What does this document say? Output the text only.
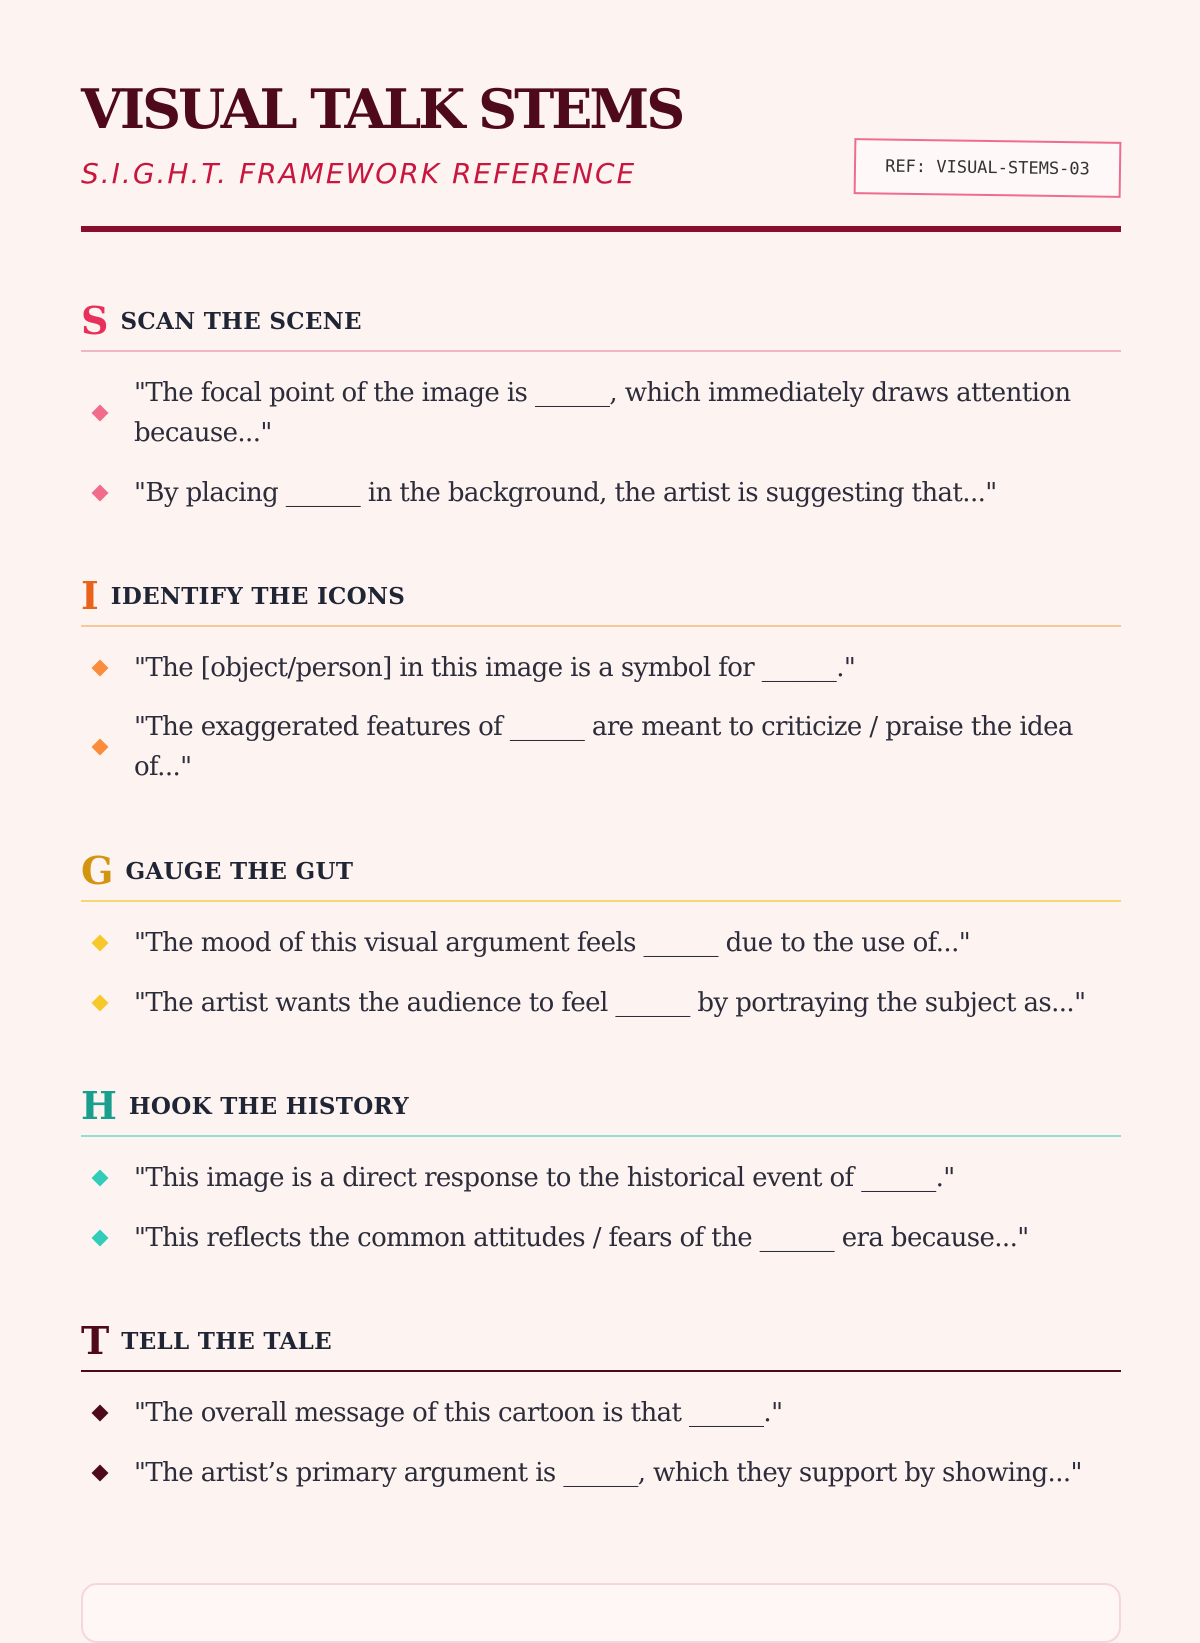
VISUAL TALK STEMS
S.I.G.H.T. FRAMEWORK REFERENCE	REF: VISUAL-STEMS-03
S SCAN THE SCENE
"The focal point of the image is ______, which immediately draws attention because..."
"By placing ______ in the background, the artist is suggesting that..."
I IDENTIFY THE ICONS
"The [object/person] in this image is a symbol for ______."
"The exaggerated features of ______ are meant to criticize / praise the idea of..."
G GAUGE THE GUT
"The mood of this visual argument feels ______ due to the use of..."
"The artist wants the audience to feel ______ by portraying the subject as..."
H HOOK THE HISTORY
"This image is a direct response to the historical event of ______."
"This reflects the common attitudes / fears of the ______ era because..."
T TELL THE TALE
"The overall message of this cartoon is that ______."
"The artist’s primary argument is ______, which they support by showing..."
